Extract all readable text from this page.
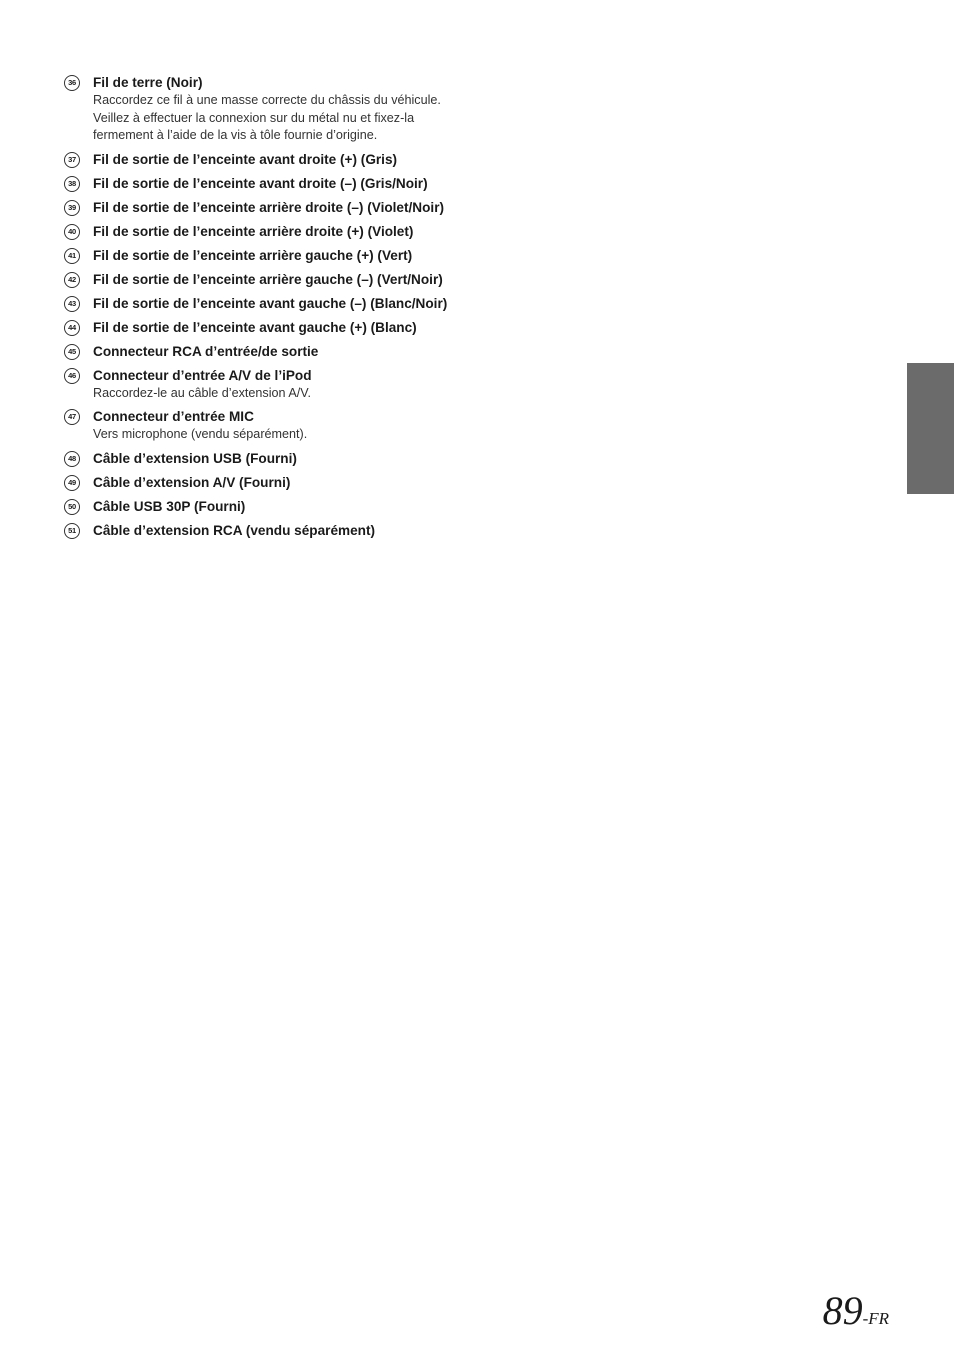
36	Fil de terre (Noir)
Raccordez ce fil à une masse correcte du châssis du véhicule. Veillez à effectuer la connexion sur du métal nu et fixez-la fermement à l’aide de la vis à tôle fournie d’origine.
37	Fil de sortie de l’enceinte avant droite (+) (Gris)
38	Fil de sortie de l’enceinte avant droite (–) (Gris/Noir)
39	Fil de sortie de l’enceinte arrière droite (–) (Violet/Noir)
40	Fil de sortie de l’enceinte arrière droite (+) (Violet)
41	Fil de sortie de l’enceinte arrière gauche (+) (Vert)
42	Fil de sortie de l’enceinte arrière gauche (–) (Vert/Noir)
43	Fil de sortie de l’enceinte avant gauche (–) (Blanc/Noir)
44	Fil de sortie de l’enceinte avant gauche (+) (Blanc)
45	Connecteur RCA d’entrée/de sortie
46	Connecteur d’entrée A/V de l’iPod
Raccordez-le au câble d’extension A/V.
47	Connecteur d’entrée MIC
Vers microphone (vendu séparément).
48	Câble d’extension USB (Fourni)
49	Câble d’extension A/V (Fourni)
50	Câble USB 30P (Fourni)
51	Câble d’extension RCA (vendu séparément)
89-FR
